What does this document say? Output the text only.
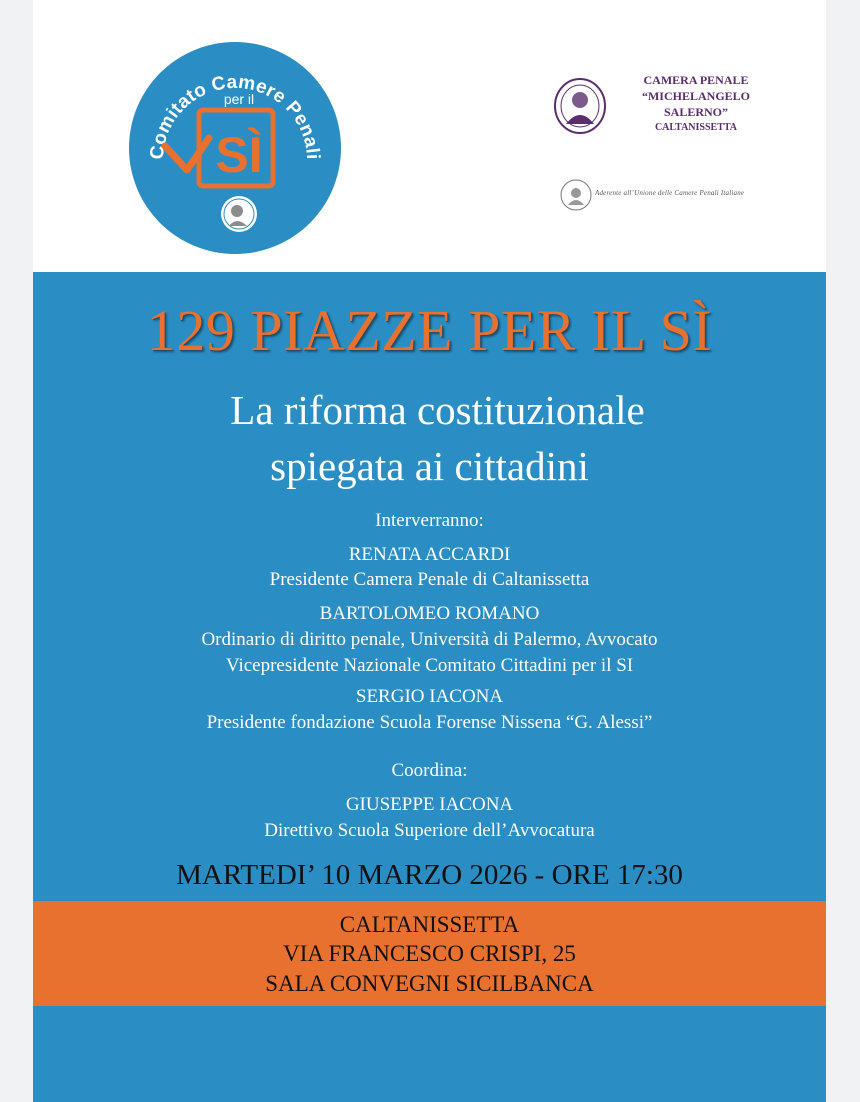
Comitato Camere Penali
per il
SÌ
CAMERA PENALE
“MICHELANGELO SALERNO”
CALTANISSETTA
Aderente all’Unione delle Camere Penali Italiane
129 PIAZZE PER IL SÌ
La riforma costituzionale
spiegata ai cittadini
Interverranno:
RENATA ACCARDI
Presidente Camera Penale di Caltanissetta
BARTOLOMEO ROMANO
Ordinario di diritto penale, Università di Palermo, Avvocato
Vicepresidente Nazionale Comitato Cittadini per il SI
SERGIO IACONA
Presidente fondazione Scuola Forense Nissena “G. Alessi”
Coordina:
GIUSEPPE IACONA
Direttivo Scuola Superiore dell’Avvocatura
MARTEDI’ 10 MARZO 2026 - ORE 17:30
CALTANISSETTA
VIA FRANCESCO CRISPI, 25
SALA CONVEGNI SICILBANCA
